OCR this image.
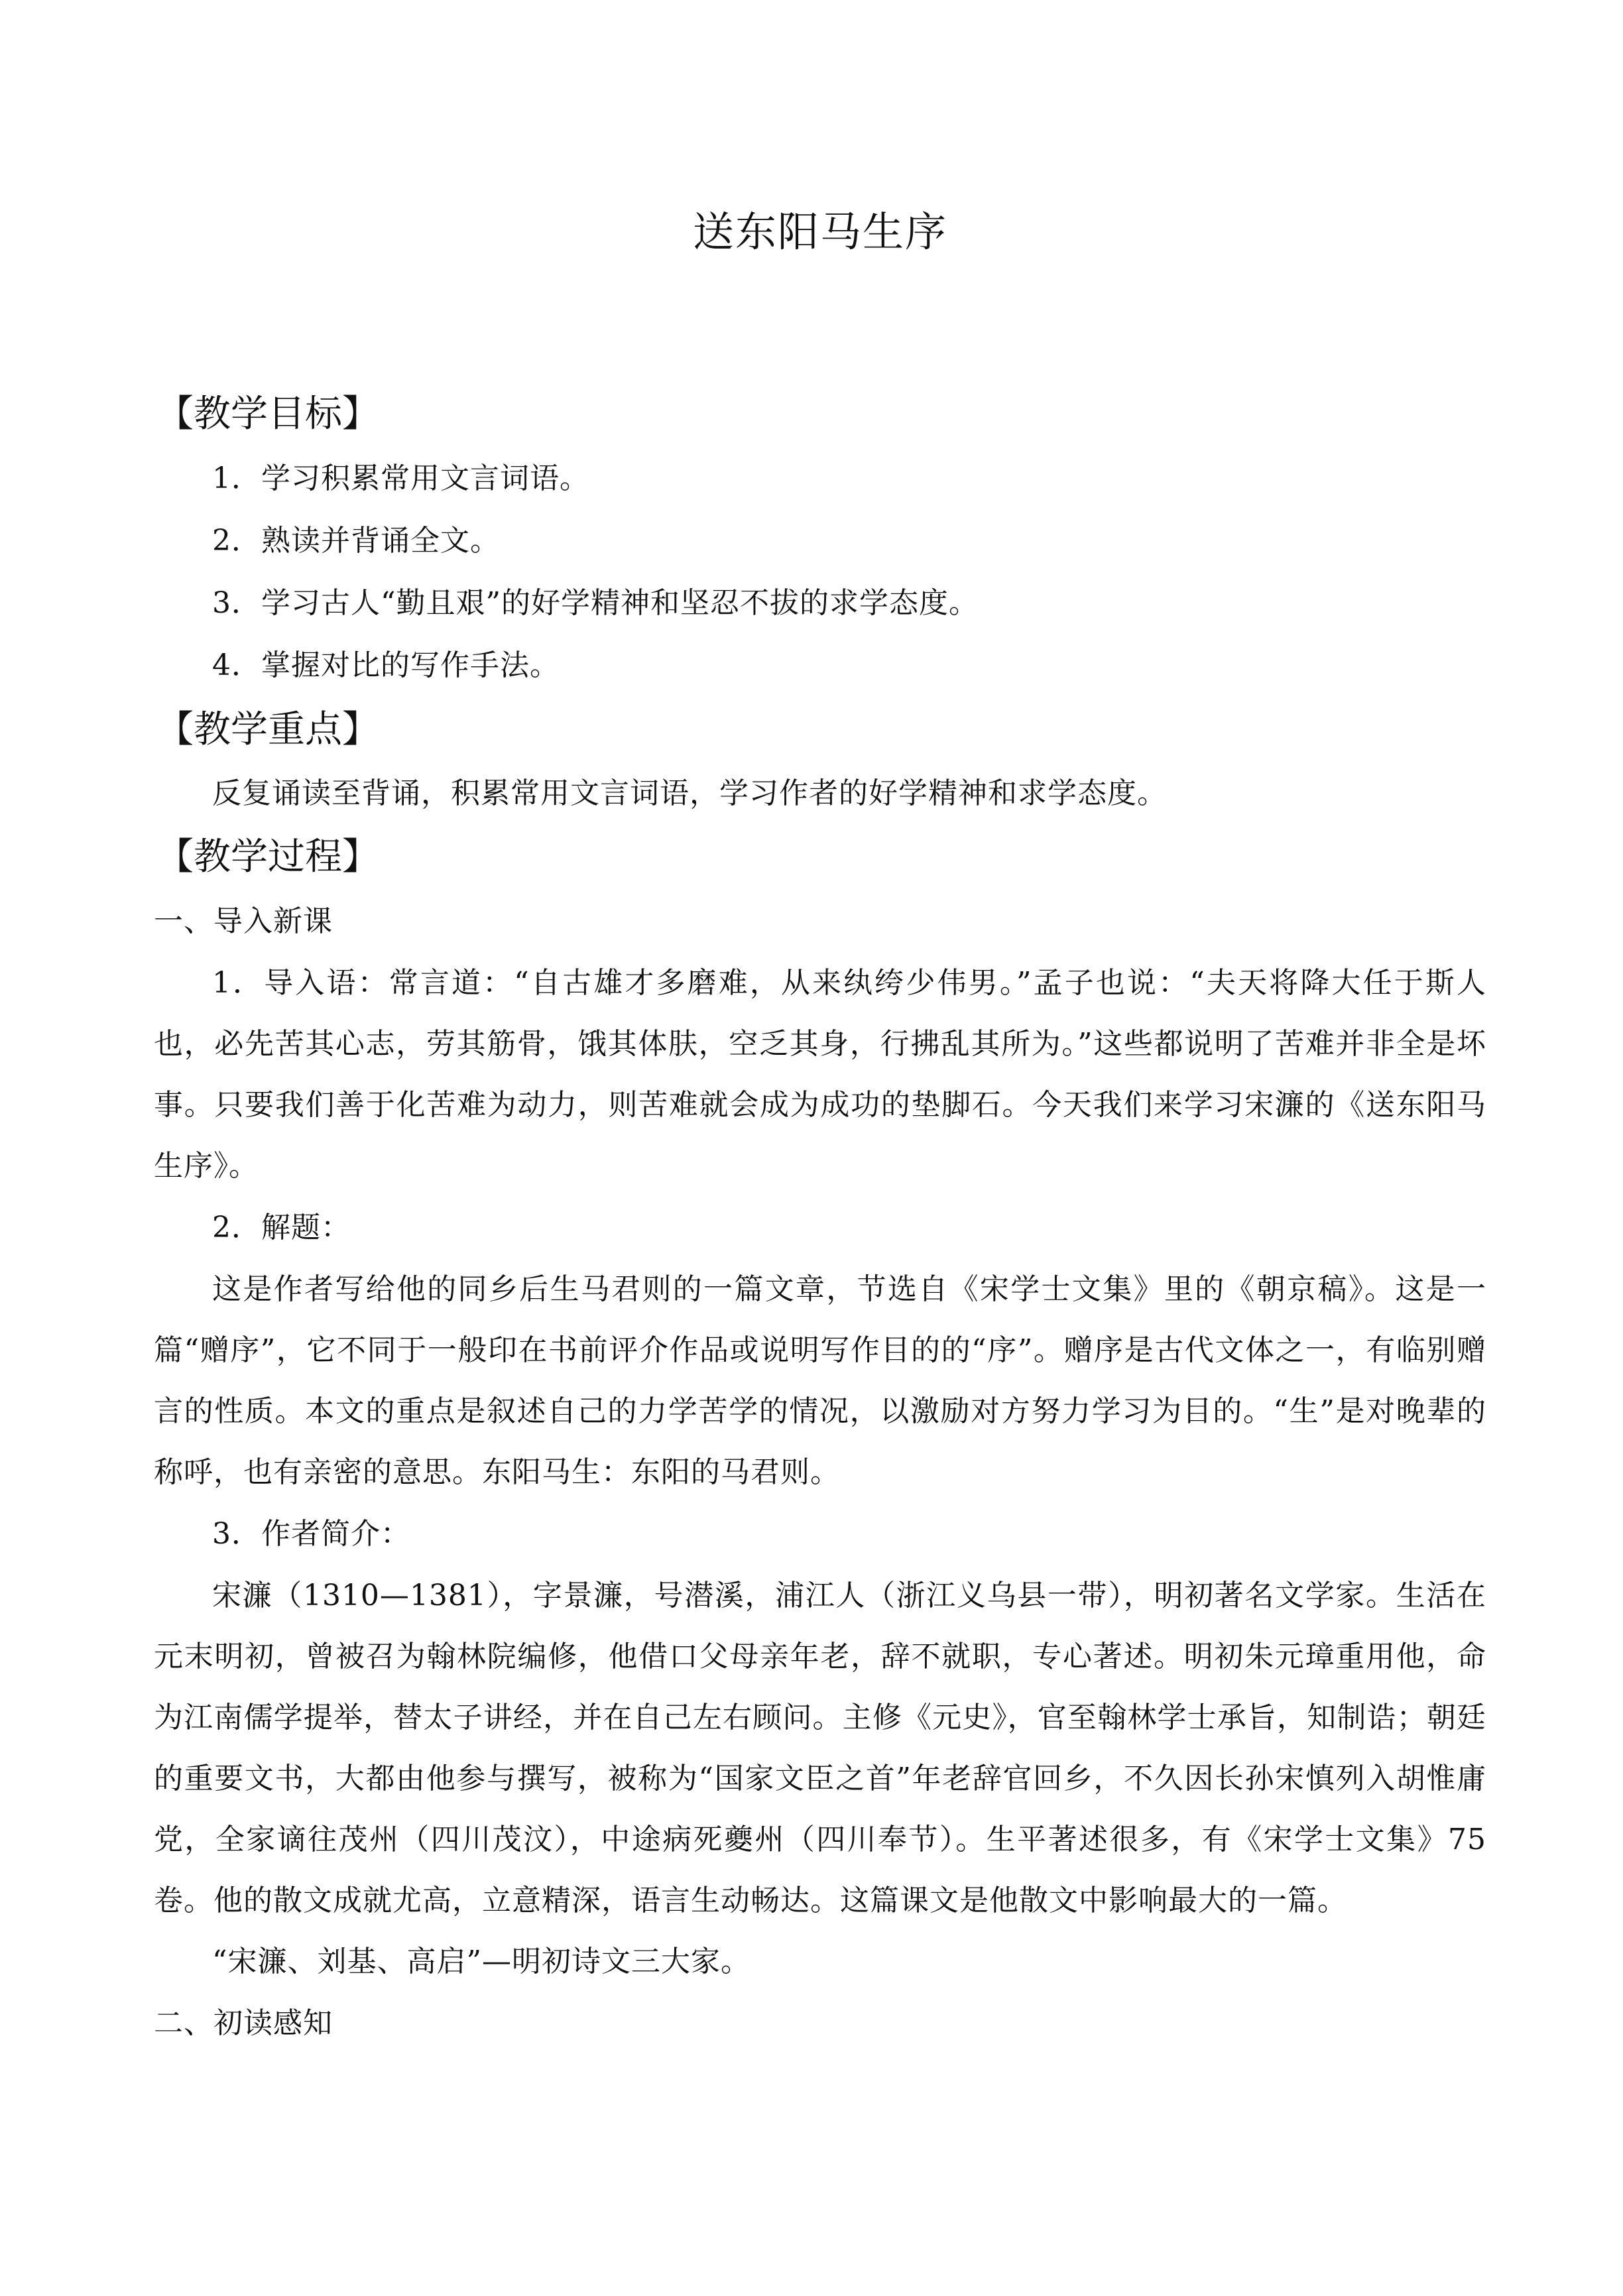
送东阳马生序
【教学目标】

1．学习积累常用文言词语。

2．熟读并背诵全文。

3．学习古人“勤且艰”的好学精神和坚忍不拔的求学态度。

4．掌握对比的写作手法。

【教学重点】

反复诵读至背诵，积累常用文言词语，学习作者的好学精神和求学态度。

【教学过程】

一、导入新课

1．导入语：常言道：“自古雄才多磨难，从来纨绔少伟男。”孟子也说：“夫天将降大任于斯人也，必先苦其心志，劳其筋骨，饿其体肤，空乏其身，行拂乱其所为。”这些都说明了苦难并非全是坏事。只要我们善于化苦难为动力，则苦难就会成为成功的垫脚石。今天我们来学习宋濂的《送东阳马生序》。

2．解题：

这是作者写给他的同乡后生马君则的一篇文章，节选自《宋学士文集》里的《朝京稿》。这是一篇“赠序”，它不同于一般印在书前评介作品或说明写作目的的“序”。赠序是古代文体之一，有临别赠言的性质。本文的重点是叙述自己的力学苦学的情况，以激励对方努力学习为目的。“生”是对晚辈的称呼，也有亲密的意思。东阳马生：东阳的马君则。

3．作者简介：

宋濂（1310—1381），字景濂，号潜溪，浦江人（浙江义乌县一带），明初著名文学家。生活在元末明初，曾被召为翰林院编修，他借口父母亲年老，辞不就职，专心著述。明初朱元璋重用他，命为江南儒学提举，替太子讲经，并在自己左右顾问。主修《元史》，官至翰林学士承旨，知制诰；朝廷的重要文书，大都由他参与撰写，被称为“国家文臣之首”年老辞官回乡，不久因长孙宋慎列入胡惟庸党，全家谪往茂州（四川茂汶），中途病死夔州（四川奉节）。生平著述很多，有《宋学士文集》75 卷。他的散文成就尤高，立意精深，语言生动畅达。这篇课文是他散文中影响最大的一篇。

“宋濂、刘基、高启”—明初诗文三大家。

二、初读感知
